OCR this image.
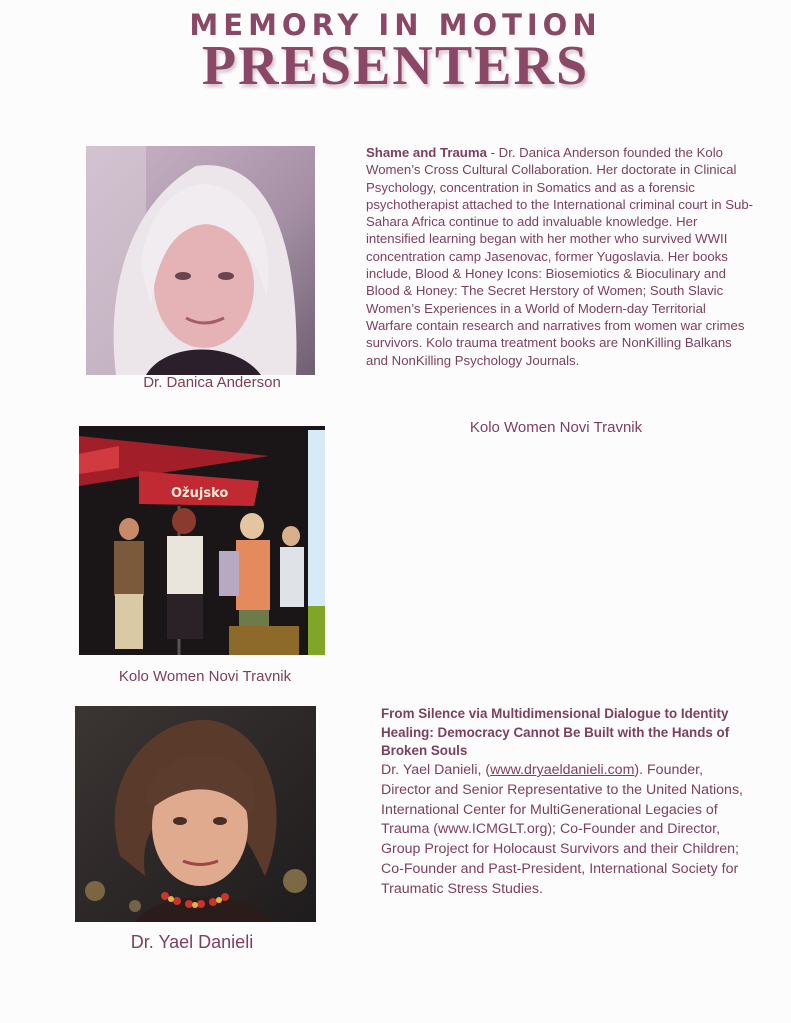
MEMORY IN MOTION
PRESENTERS
Dr. Danica Anderson
Shame and Trauma - Dr. Danica Anderson founded the Kolo Women’s Cross Cultural Collaboration. Her doctorate in Clinical Psychology, concentration in Somatics and as a forensic psychotherapist attached to the International criminal court in Sub-Sahara Africa continue to add invaluable knowledge. Her intensified learning began with her mother who survived WWII concentration camp Jasenovac, former Yugoslavia. Her books include, Blood & Honey Icons: Biosemiotics & Bioculinary and Blood & Honey: The Secret Herstory of Women; South Slavic Women’s Experiences in a World of Modern-day Territorial Warfare contain research and narratives from women war crimes survivors. Kolo trauma treatment books are NonKilling Balkans and NonKilling Psychology Journals.
Kolo Women Novi Travnik
Ožujsko
Kolo Women Novi Travnik
Dr. Yael Danieli
From Silence via Multidimensional Dialogue to Identity Healing: Democracy Cannot Be Built with the Hands of Broken Souls
Dr. Yael Danieli, (www.dryaeldanieli.com). Founder, Director and Senior Representative to the United Nations, International Center for MultiGenerational Legacies of Trauma (www.ICMGLT.org); Co-Founder and Director, Group Project for Holocaust Survivors and their Children; Co-Founder and Past-President, International Society for Traumatic Stress Studies.
